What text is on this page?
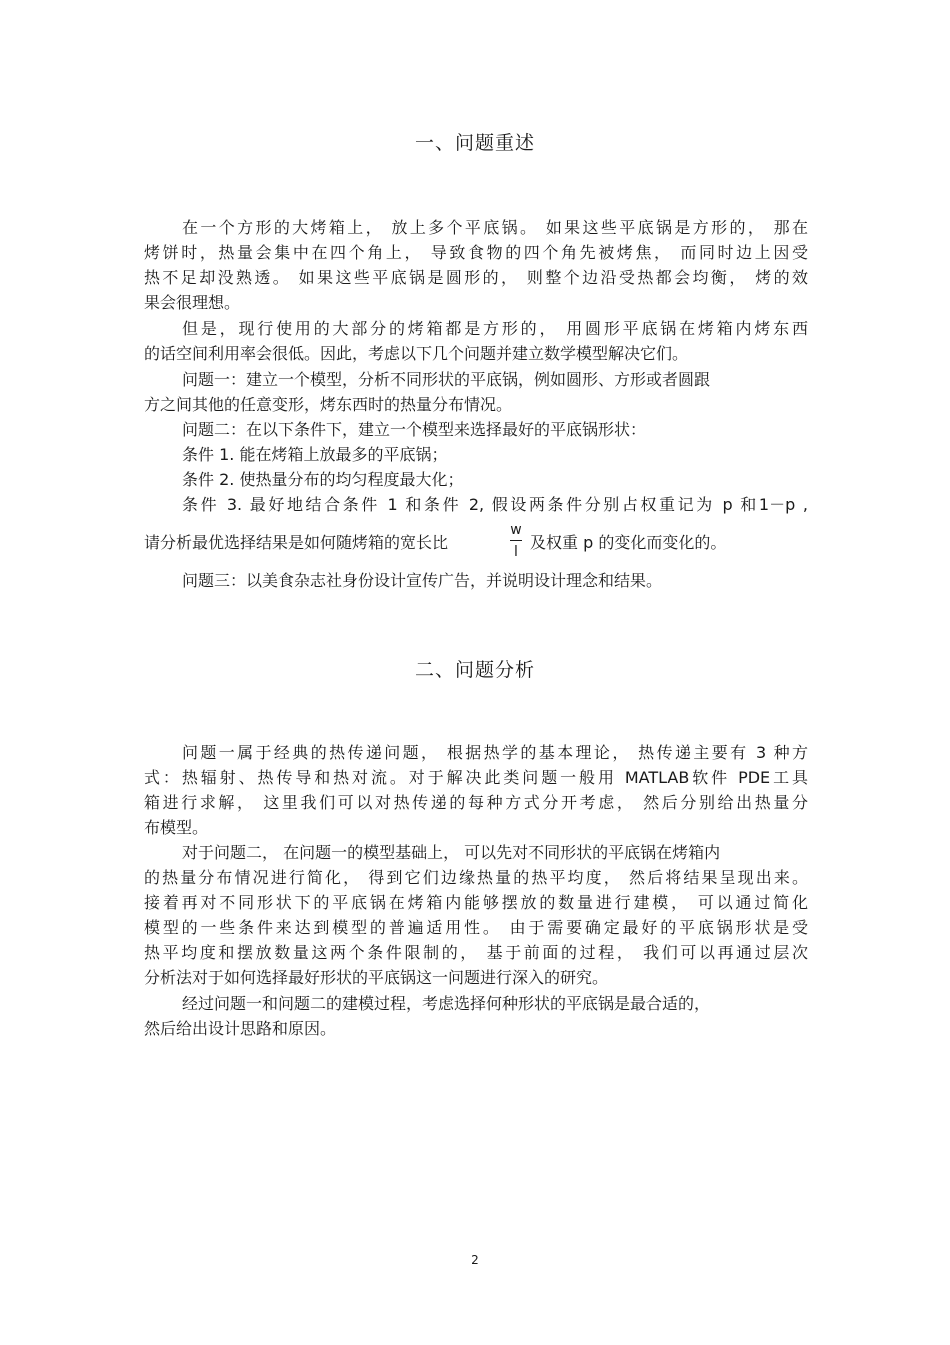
一、问题重述
在一个方形的大烤箱上， 放上多个平底锅。 如果这些平底锅是方形的， 那在
烤饼时，热量会集中在四个角上， 导致食物的四个角先被烤焦， 而同时边上因受
热不足却没熟透。 如果这些平底锅是圆形的， 则整个边沿受热都会均衡， 烤的效
果会很理想。
但是，现行使用的大部分的烤箱都是方形的， 用圆形平底锅在烤箱内烤东西
的话空间利用率会很低。因此，考虑以下几个问题并建立数学模型解决它们。
问题一：建立一个模型，分析不同形状的平底锅，例如圆形、方形或者圆跟
方之间其他的任意变形，烤东西时的热量分布情况。
问题二：在以下条件下，建立一个模型来选择最好的平底锅形状：
条件 1. 能在烤箱上放最多的平底锅；
条件 2. 使热量分布的均匀程度最大化；
条件 3. 最好地结合条件 1 和条件 2, 假设两条件分别占权重记为 p 和1－p ,
请分析最优选择结果是如何随烤箱的宽长比
w
l 及权重 p 的变化而变化的。
问题三：以美食杂志社身份设计宣传广告，并说明设计理念和结果。
二、问题分析
问题一属于经典的热传递问题， 根据热学的基本理论， 热传递主要有 3 种方
式：热辐射、热传导和热对流。对于解决此类问题一般用 MATLAB软件 PDE工具
箱进行求解， 这里我们可以对热传递的每种方式分开考虑， 然后分别给出热量分
布模型。
对于问题二， 在问题一的模型基础上， 可以先对不同形状的平底锅在烤箱内
的热量分布情况进行简化， 得到它们边缘热量的热平均度， 然后将结果呈现出来。
接着再对不同形状下的平底锅在烤箱内能够摆放的数量进行建模， 可以通过简化
模型的一些条件来达到模型的普遍适用性。 由于需要确定最好的平底锅形状是受
热平均度和摆放数量这两个条件限制的， 基于前面的过程， 我们可以再通过层次
分析法对于如何选择最好形状的平底锅这一问题进行深入的研究。
经过问题一和问题二的建模过程，考虑选择何种形状的平底锅是最合适的，
然后给出设计思路和原因。
2
